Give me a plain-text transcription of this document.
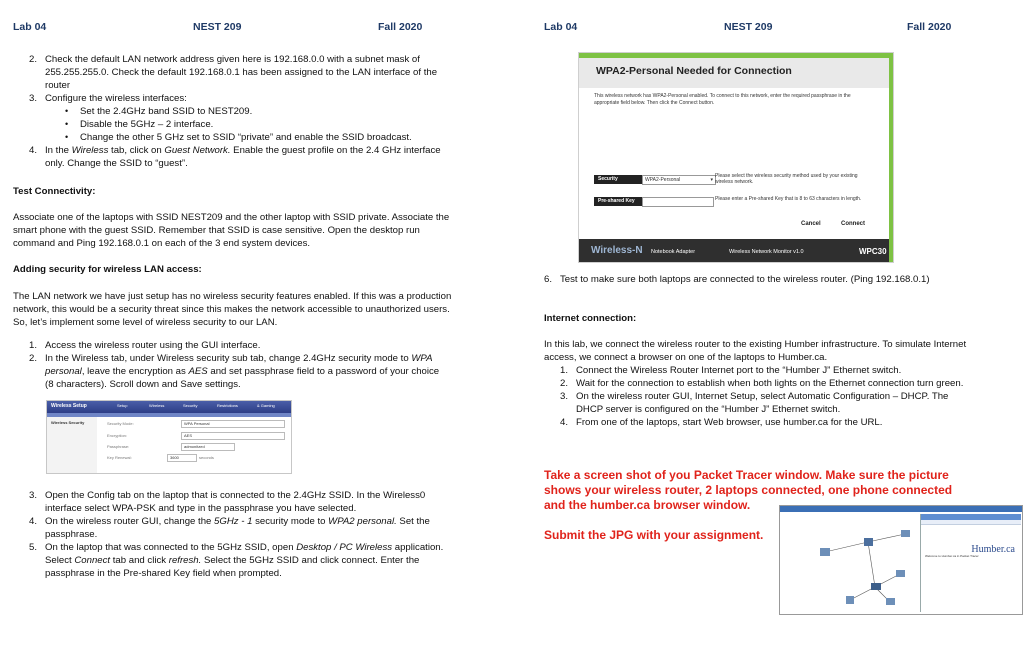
Lab 04	NEST 209	Fall 2020
2. Check the default LAN network address given here is 192.168.0.0 with a subnet mask of 255.255.255.0. Check the default 192.168.0.1 has been assigned to the LAN interface of the router
3. Configure the wireless interfaces:
• Set the 2.4GHz band SSID to NEST209.
• Disable the 5GHz – 2 interface.
• Change the other 5 GHz set to SSID “private” and enable the SSID broadcast.
4. In the Wireless tab, click on Guest Network. Enable the guest profile on the 2.4 GHz interface only. Change the SSID to “guest”.
Test Connectivity:
Associate one of the laptops with SSID NEST209 and the other laptop with SSID private. Associate the smart phone with the guest SSID. Remember that SSID is case sensitive. Open the desktop run command and Ping 192.168.0.1 on each of the 3 end system devices.
Adding security for wireless LAN access:
The LAN network we have just setup has no wireless security features enabled. If this was a production network, this would be a security threat since this makes the network accessible to unauthorized users. So, let’s implement some level of wireless security to our LAN.
1. Access the wireless router using the GUI interface.
2. In the Wireless tab, under Wireless security sub tab, change 2.4GHz security mode to WPA personal, leave the encryption as AES and set passphrase field to a password of your choice (8 characters). Scroll down and Save settings.
Wireless Setup	Setup	Wireless	Security	Restrictions	& Gaming
Wireless Security	Security Mode:	WPA Personal
Encryption:	AES
Passphrase:	admonitzed
Key Renewal:	3600	seconds
3. Open the Config tab on the laptop that is connected to the 2.4GHz SSID. In the Wireless0 interface select WPA-PSK and type in the passphrase you have selected.
4. On the wireless router GUI, change the 5GHz - 1 security mode to WPA2 personal. Set the passphrase.
5. On the laptop that was connected to the 5GHz SSID, open Desktop / PC Wireless application. Select Connect tab and click refresh. Select the 5GHz SSID and click connect. Enter the passphrase in the Pre-shared Key field when prompted.
Lab 04	NEST 209	Fall 2020
WPA2-Personal Needed for Connection
This wireless network has WPA2-Personal enabled. To connect to this network, enter the required passphrase in the appropriate field below. Then click the Connect button.
Security	WPA2-Personal ▾
Please select the wireless security method used by your existing wireless network.
Pre-shared Key	Please enter a Pre-shared Key that is 8 to 63 characters in length.
Cancel	Connect
Wireless-N Notebook Adapter	Wireless Network Monitor v1.0	WPC30
6. Test to make sure both laptops are connected to the wireless router. (Ping 192.168.0.1)
Internet connection:
In this lab, we connect the wireless router to the existing Humber infrastructure. To simulate Internet access, we connect a browser on one of the laptops to Humber.ca.
1. Connect the Wireless Router Internet port to the “Humber J” Ethernet switch.
2. Wait for the connection to establish when both lights on the Ethernet connection turn green.
3. On the wireless router GUI, Internet Setup, select Automatic Configuration – DHCP. The DHCP server is configured on the “Humber J” Ethernet switch.
4. From one of the laptops, start Web browser, use humber.ca for the URL.
Take a screen shot of you Packet Tracer window. Make sure the picture shows your wireless router, 2 laptops connected, one phone connected and the humber.ca browser window.
Submit the JPG with your assignment.
Humber.ca
Welcome to Humber.ca in Packet Tracer
